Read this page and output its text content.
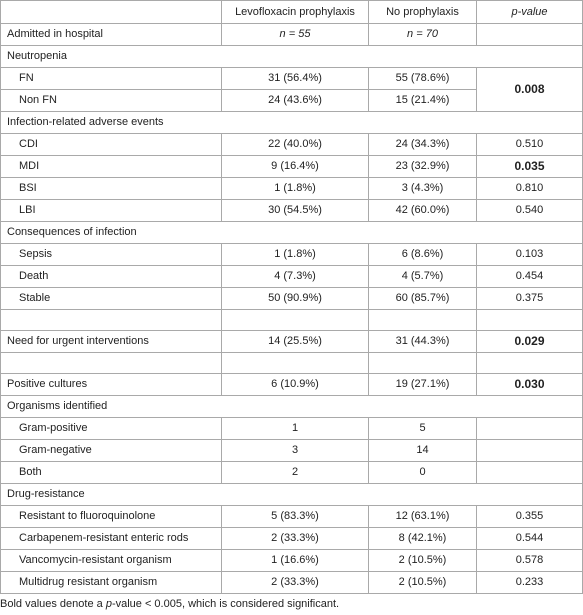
	Levofloxacin prophylaxis	No prophylaxis	p-value
Admitted in hospital	n = 55	n = 70	
Neutropenia			
FN	31 (56.4%)	55 (78.6%)	0.008
Non FN	24 (43.6%)	15 (21.4%)	
Infection-related adverse events			
CDI	22 (40.0%)	24 (34.3%)	0.510
MDI	9 (16.4%)	23 (32.9%)	0.035
BSI	1 (1.8%)	3 (4.3%)	0.810
LBI	30 (54.5%)	42 (60.0%)	0.540
Consequences of infection			
Sepsis	1 (1.8%)	6 (8.6%)	0.103
Death	4 (7.3%)	4 (5.7%)	0.454
Stable	50 (90.9%)	60 (85.7%)	0.375

Need for urgent interventions	14 (25.5%)	31 (44.3%)	0.029

Positive cultures	6 (10.9%)	19 (27.1%)	0.030
Organisms identified			
Gram-positive	1	5	
Gram-negative	3	14	
Both	2	0	
Drug-resistance			
Resistant to fluoroquinolone	5 (83.3%)	12 (63.1%)	0.355
Carbapenem-resistant enteric rods	2 (33.3%)	8 (42.1%)	0.544
Vancomycin-resistant organism	1 (16.6%)	2 (10.5%)	0.578
Multidrug resistant organism	2 (33.3%)	2 (10.5%)	0.233
Bold values denote a p-value < 0.005, which is considered significant.
